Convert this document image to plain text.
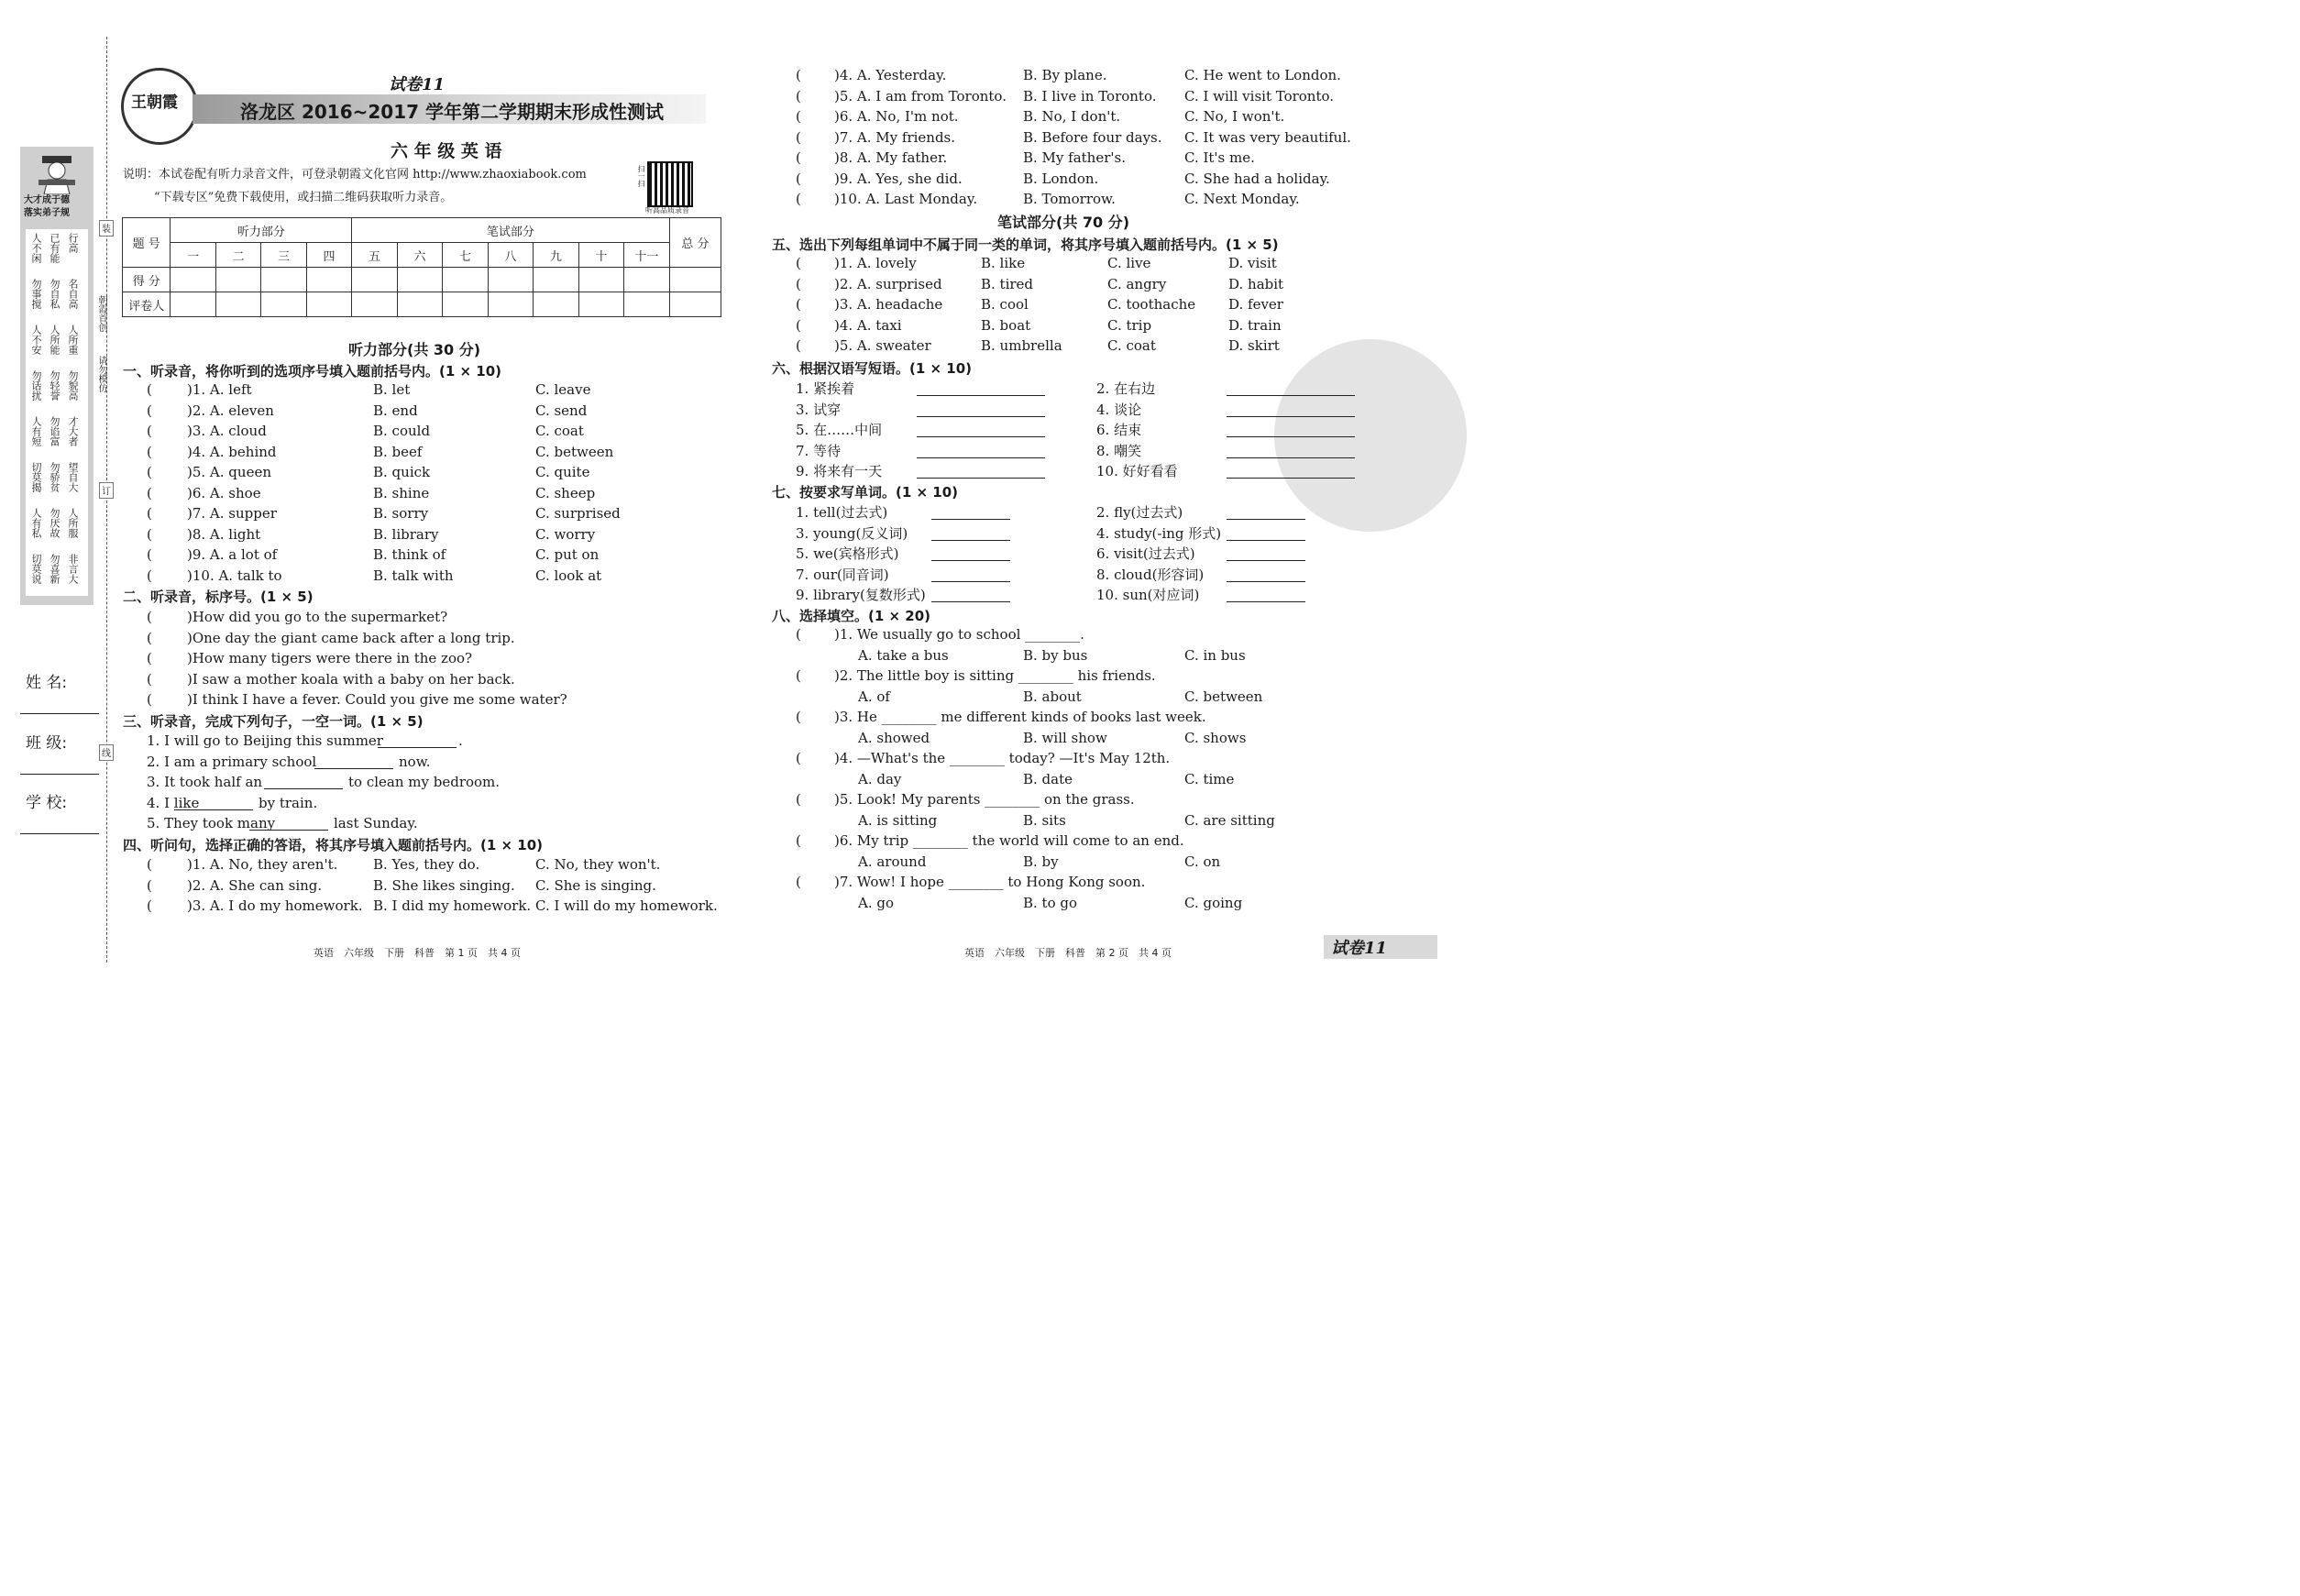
大才成于德
落实弟子规
人不闲 已有能 行高
勿事搅 勿自私 名自高
人不安 人所能 人所重
勿话扰 勿轻誉 勿貌高
人有短 勿谄富 才大者
切莫揭 勿骄贫 望自大
人有私 勿厌故 人所服
切莫说 勿喜新 非言大
姓 名:
班 级:
学 校:
装
订
线
朝霞首创
请勿模仿
王朝霞
试卷11
洛龙区 2016~2017 学年第二学期期末形成性测试
六 年 级 英 语
说明：本试卷配有听力录音文件，可登录朝霞文化官网 http://www.zhaoxiabook.com
“下载专区”免费下载使用，或扫描二维码获取听力录音。
听高品质录音
扫一扫
题 号	听力部分				笔试部分							总 分
	一	二	三	四	五	六	七	八	九	十	十一	
得 分												
评卷人												
听力部分(共 30 分)
一、听录音，将你听到的选项序号填入题前括号内。(1 × 10)
二、听录音，标序号。(1 × 5)
三、听录音，完成下列句子，一空一词。(1 × 5)
四、听问句，选择正确的答语，将其序号填入题前括号内。(1 × 10)
英语　六年级　下册　科普　第 1 页　共 4 页
笔试部分(共 70 分)
五、选出下列每组单词中不属于同一类的单词，将其序号填入题前括号内。(1 × 5)
六、根据汉语写短语。(1 × 10)
七、按要求写单词。(1 × 10)
八、选择填空。(1 × 20)
英语　六年级　下册　科普　第 2 页　共 4 页	试卷11
(	)1. A. left	B. let	C. leave
(	)2. A. eleven	B. end	C. send
(	)3. A. cloud	B. could	C. coat
(	)4. A. behind	B. beef	C. between
(	)5. A. queen	B. quick	C. quite
(	)6. A. shoe	B. shine	C. sheep
(	)7. A. supper	B. sorry	C. surprised
(	)8. A. light	B. library	C. worry
(	)9. A. a lot of	B. think of	C. put on
(	)10. A. talk to	B. talk with	C. look at
(	)How did you go to the supermarket?
(	)One day the giant came back after a long trip.
(	)How many tigers were there in the zoo?
(	)I saw a mother koala with a baby on her back.
(	)I think I have a fever. Could you give me some water?
1. I will go to Beijing this summer	.
2. I am a primary school	now.
3. It took half an	to clean my bedroom.
4. I like	by train.
5. They took many	last Sunday.
(	)1. A. No, they aren't.	B. Yes, they do.	C. No, they won't.
(	)2. A. She can sing.	B. She likes singing. C. She is singing.
(	)3. A. I do my homework. B. I did my homework. C. I will do my homework.
( )4. A. Yesterday.	B. By plane.	C. He went to London.
( )5. A. I am from Toronto. B. I live in Toronto. C. I will visit Toronto.
( )6. A. No, I'm not.	B. No, I don't.	C. No, I won't.
( )7. A. My friends.	B. Before four days. C. It was very beautiful.
( )8. A. My father.	B. My father's.	C. It's me.
( )9. A. Yes, she did.	B. London.	C. She had a holiday.
( )10. A. Last Monday.	B. Tomorrow.	C. Next Monday.
( )1. A. lovely	B. like	C. live	D. visit
( )2. A. surprised	B. tired	C. angry	D. habit
( )3. A. headache	B. cool	C. toothache D. fever
( )4. A. taxi	B. boat	C. trip	D. train
( )5. A. sweater	B. umbrella	C. coat	D. skirt
1. 紧挨着	2. 在右边
3. 试穿	4. 谈论
5. 在……中间	6. 结束
7. 等待	8. 嘲笑
9. 将来有一天	10. 好好看看
1. tell(过去式)	2. fly(过去式)
3. young(反义词)	4. study(-ing 形式)
5. we(宾格形式)	6. visit(过去式)
7. our(同音词)	8. cloud(形容词)
9. library(复数形式)	10. sun(对应词)
( )1. We usually go to school ________.
A. take a bus	B. by bus	C. in bus
( )2. The little boy is sitting ________ his friends.
A. of	B. about	C. between
( )3. He ________ me different kinds of books last week.
A. showed	B. will show	C. shows
( )4. —What's the ________ today? —It's May 12th.
A. day	B. date	C. time
( )5. Look! My parents ________ on the grass.
A. is sitting	B. sits	C. are sitting
( )6. My trip ________ the world will come to an end.
A. around	B. by	C. on
( )7. Wow! I hope ________ to Hong Kong soon.
A. go	B. to go	C. going
